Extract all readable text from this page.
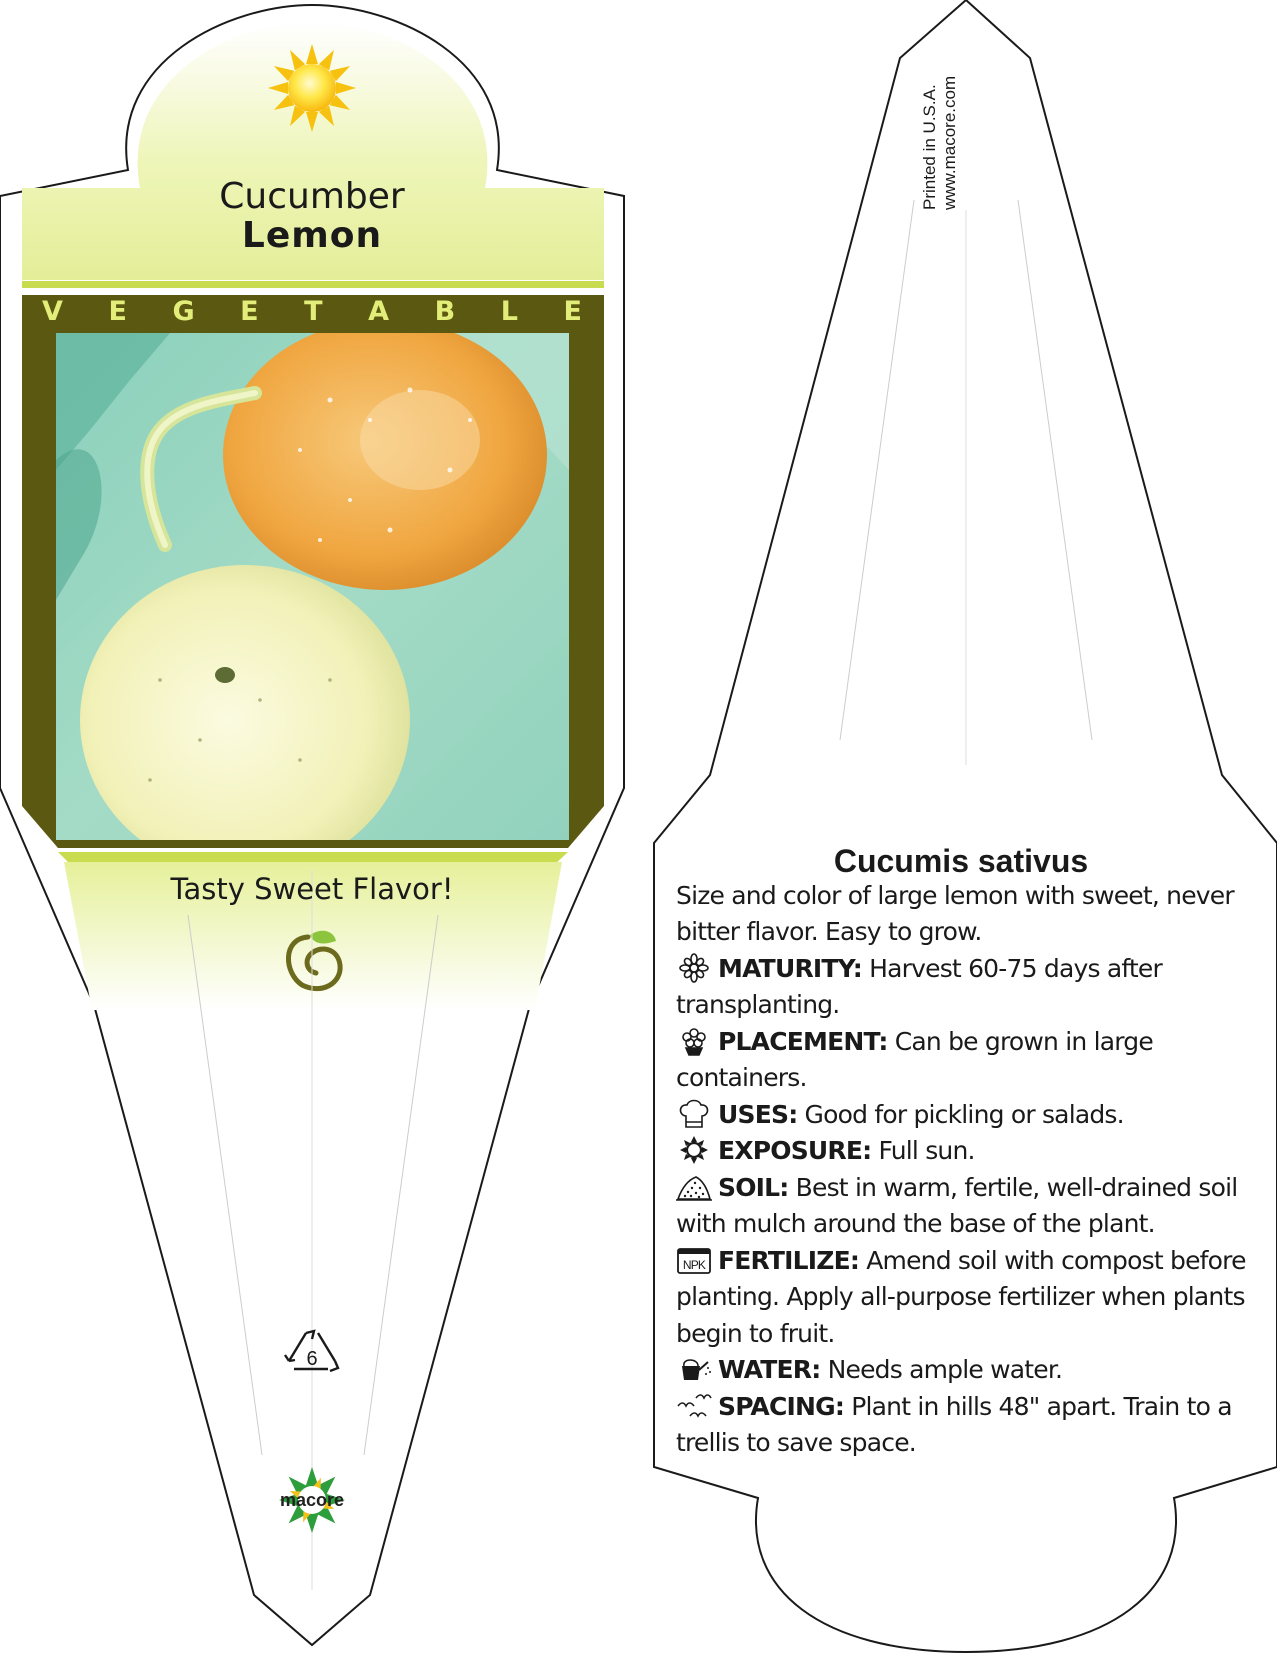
Cucumber
Lemon
V E G E T A B L E
Tasty Sweet Flavor!
6
macore
Printed in U.S.A. www.macore.com
Cucumis sativus
Size and color of large lemon with sweet, never bitter flavor. Easy to grow.
MATURITY: Harvest 60-75 days after transplanting.
PLACEMENT: Can be grown in large containers.
USES: Good for pickling or salads.
EXPOSURE: Full sun.
SOIL: Best in warm, fertile, well-drained soil with mulch around the base of the plant.
NPK FERTILIZE: Amend soil with compost before planting. Apply all-purpose fertilizer when plants begin to fruit.
WATER: Needs ample water.
SPACING: Plant in hills 48" apart. Train to a trellis to save space.
